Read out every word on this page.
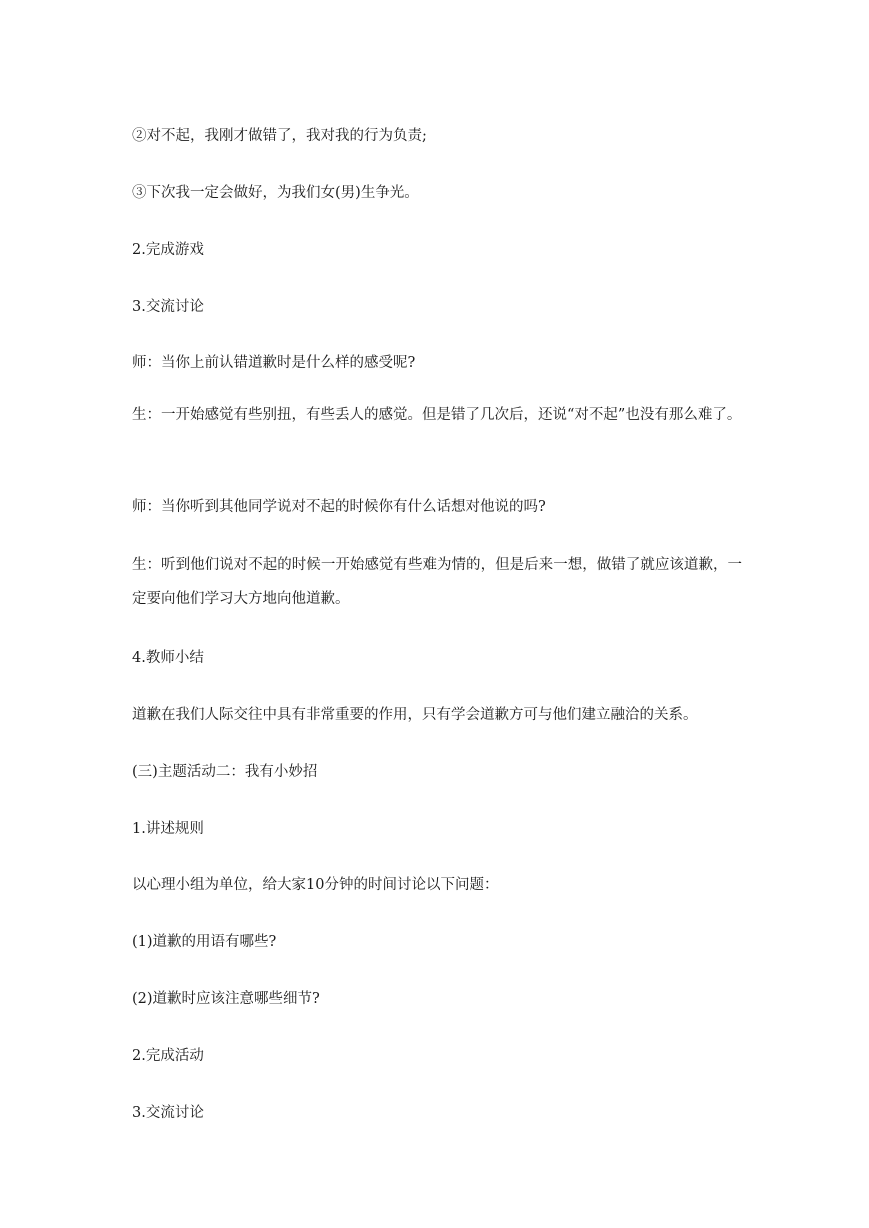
②对不起，我刚才做错了，我对我的行为负责;
③下次我一定会做好，为我们女(男)生争光。
2.完成游戏
3.交流讨论
师：当你上前认错道歉时是什么样的感受呢?
生：一开始感觉有些别扭，有些丢人的感觉。但是错了几次后，还说“对不起”也没有那么难了。
师：当你听到其他同学说对不起的时候你有什么话想对他说的吗?
生：听到他们说对不起的时候一开始感觉有些难为情的，但是后来一想，做错了就应该道歉，一定要向他们学习大方地向他道歉。
4.教师小结
道歉在我们人际交往中具有非常重要的作用，只有学会道歉方可与他们建立融洽的关系。
(三)主题活动二：我有小妙招
1.讲述规则
以心理小组为单位，给大家10分钟的时间讨论以下问题：
(1)道歉的用语有哪些?
(2)道歉时应该注意哪些细节?
2.完成活动
3.交流讨论
